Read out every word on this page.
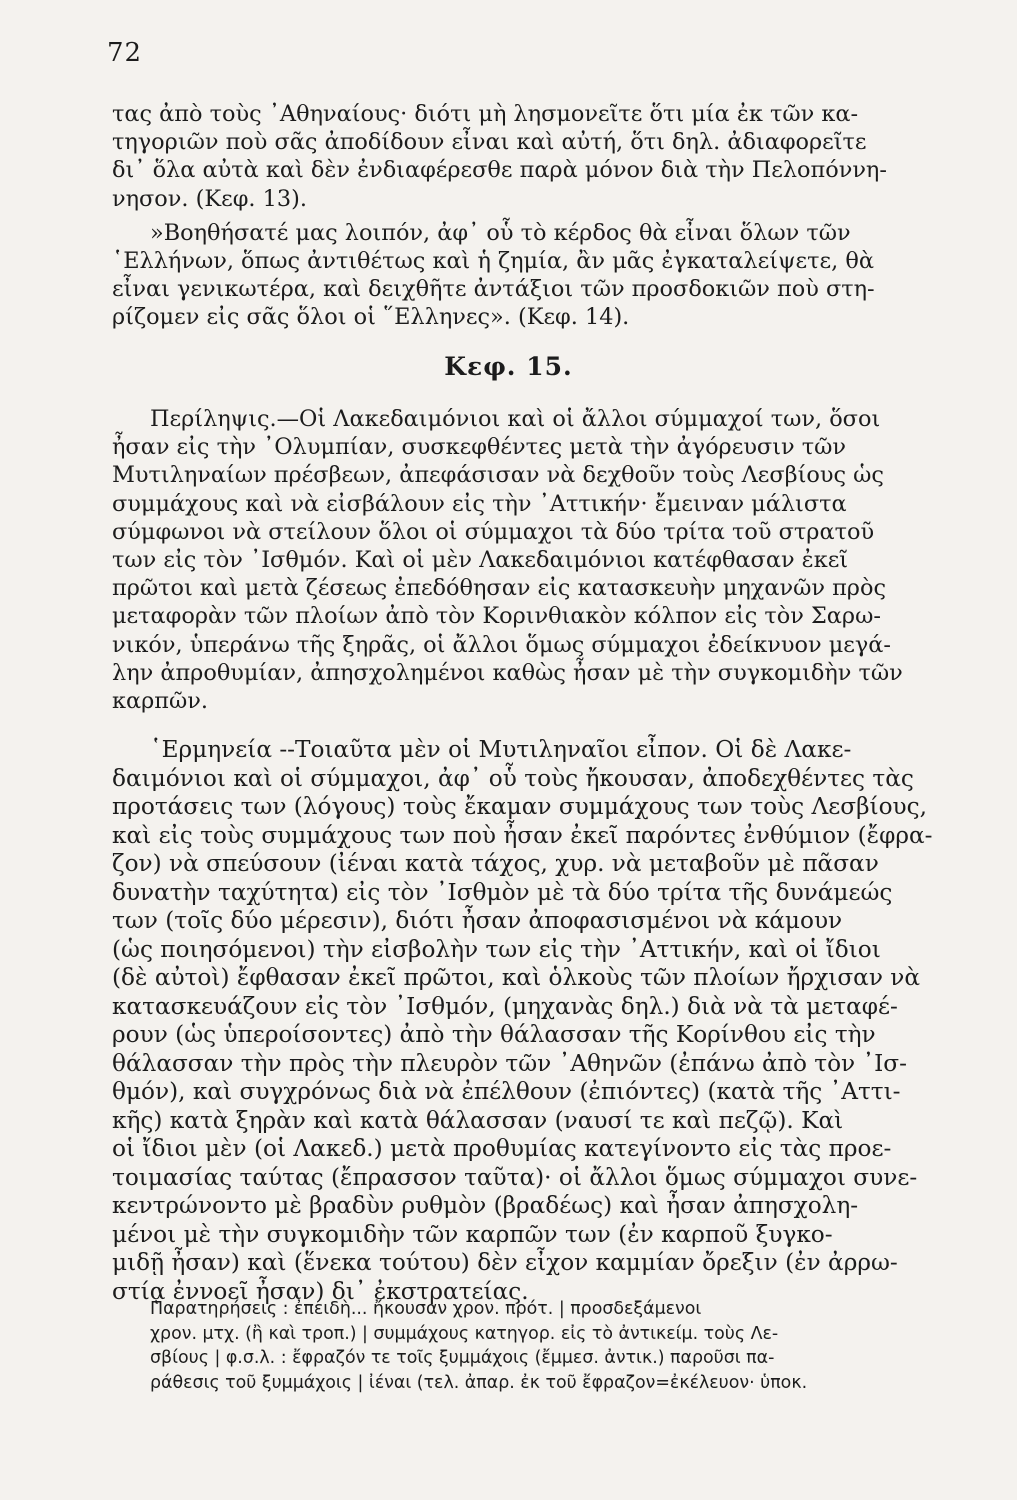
72
τας ἀπὸ τοὺς ᾿Αθηναίους· διότι μὴ λησμονεῖτε ὅτι μία ἐκ τῶν κα-
τηγοριῶν ποὺ σᾶς ἀποδίδουν εἶναι καὶ αὐτή, ὅτι δηλ. ἀδιαφορεῖτε
δι᾿ ὅλα αὐτὰ καὶ δὲν ἐνδιαφέρεσθε παρὰ μόνον διὰ τὴν Πελοπόννη-
νησον. (Κεφ. 13).
»Βοηθήσατέ μας λοιπόν, ἀφ᾿ οὗ τὸ κέρδος θὰ εἶναι ὅλων τῶν
῾Ελλήνων, ὅπως ἀντιθέτως καὶ ἡ ζημία, ἂν μᾶς ἐγκαταλείψετε, θὰ
εἶναι γενικωτέρα, καὶ δειχθῆτε ἀντάξιοι τῶν προσδοκιῶν ποὺ στη-
ρίζομεν εἰς σᾶς ὅλοι οἱ ῞Ελληνες». (Κεφ. 14).
Κεφ. 15.
Περίληψις.—Οἱ Λακεδαιμόνιοι καὶ οἱ ἄλλοι σύμμαχοί των, ὅσοι
ἦσαν εἰς τὴν ᾿Ολυμπίαν, συσκεφθέντες μετὰ τὴν ἀγόρευσιν τῶν
Μυτιληναίων πρέσβεων, ἀπεφάσισαν νὰ δεχθοῦν τοὺς Λεσβίους ὡς
συμμάχους καὶ νὰ εἰσβάλουν εἰς τὴν ᾿Αττικήν· ἔμειναν μάλιστα
σύμφωνοι νὰ στείλουν ὅλοι οἱ σύμμαχοι τὰ δύο τρίτα τοῦ στρατοῦ
των εἰς τὸν ᾿Ισθμόν. Καὶ οἱ μὲν Λακεδαιμόνιοι κατέφθασαν ἐκεῖ
πρῶτοι καὶ μετὰ ζέσεως ἐπεδόθησαν εἰς κατασκευὴν μηχανῶν πρὸς
μεταφορὰν τῶν πλοίων ἀπὸ τὸν Κορινθιακὸν κόλπον εἰς τὸν Σαρω-
νικόν, ὑπεράνω τῆς ξηρᾶς, οἱ ἄλλοι ὅμως σύμμαχοι ἐδείκνυον μεγά-
λην ἀπροθυμίαν, ἀπησχολημένοι καθὼς ἦσαν μὲ τὴν συγκομιδὴν τῶν
καρπῶν.
῾Ερμηνεία --Τοιαῦτα μὲν οἱ Μυτιληναῖοι εἶπον. Οἱ δὲ Λακε-
δαιμόνιοι καὶ οἱ σύμμαχοι, ἀφ᾿ οὗ τοὺς ἤκουσαν, ἀποδεχθέντες τὰς
προτάσεις των (λόγους) τοὺς ἔκαμαν συμμάχους των τοὺς Λεσβίους,
καὶ εἰς τοὺς συμμάχους των ποὺ ἦσαν ἐκεῖ παρόντες ἐνθύμιον (ἔφρα-
ζον) νὰ σπεύσουν (ἰέναι κατὰ τάχος, χυρ. νὰ μεταβοῦν μὲ πᾶσαν
δυνατὴν ταχύτητα) εἰς τὸν ᾿Ισθμὸν μὲ τὰ δύο τρίτα τῆς δυνάμεώς
των (τοῖς δύο μέρεσιν), διότι ἦσαν ἀποφασισμένοι νὰ κάμουν
(ὡς ποιησόμενοι) τὴν εἰσβολὴν των εἰς τὴν ᾿Αττικήν, καὶ οἱ ἴδιοι
(δὲ αὐτοὶ) ἔφθασαν ἐκεῖ πρῶτοι, καὶ ὁλκοὺς τῶν πλοίων ἤρχισαν νὰ
κατασκευάζουν εἰς τὸν ᾿Ισθμόν, (μηχανὰς δηλ.) διὰ νὰ τὰ μεταφέ-
ρουν (ὡς ὑπεροίσοντες) ἀπὸ τὴν θάλασσαν τῆς Κορίνθου εἰς τὴν
θάλασσαν τὴν πρὸς τὴν πλευρὸν τῶν ᾿Αθηνῶν (ἐπάνω ἀπὸ τὸν ᾿Ισ-
θμόν), καὶ συγχρόνως διὰ νὰ ἐπέλθουν (ἐπιόντες) (κατὰ τῆς ᾿Αττι-
κῆς) κατὰ ξηρὰν καὶ κατὰ θάλασσαν (ναυσί τε καὶ πεζῷ). Καὶ
οἱ ἴδιοι μὲν (οἱ Λακεδ.) μετὰ προθυμίας κατεγίνοντο εἰς τὰς προε-
τοιμασίας ταύτας (ἔπρασσον ταῦτα)· οἱ ἄλλοι ὅμως σύμμαχοι συνε-
κεντρώνοντο μὲ βραδὺν ρυθμὸν (βραδέως) καὶ ἦσαν ἀπησχολη-
μένοι μὲ τὴν συγκομιδὴν τῶν καρπῶν των (ἐν καρποῦ ξυγκο-
μιδῇ ἦσαν) καὶ (ἕνεκα τούτου) δὲν εἶχον καμμίαν ὄρεξιν (ἐν ἀρρω-
στίᾳ ἐννοεῖ ἦσαν) δι᾿ ἐκστρατείας.
Παρατηρήσεις : ἐπειδὴ... ἤκουσαν χρον. πρότ. | προσδεξάμενοι
χρον. μτχ. (ἢ καὶ τροπ.) | συμμάχους κατηγορ. εἰς τὸ ἀντικείμ. τοὺς Λε-
σβίους | φ.σ.λ. : ἔφραζόν τε τοῖς ξυμμάχοις (ἔμμεσ. ἀντικ.) παροῦσι πα-
ράθεσις τοῦ ξυμμάχοις | ἰέναι (τελ. ἀπαρ. ἐκ τοῦ ἔφραζον=ἐκέλευον· ὑποκ.
